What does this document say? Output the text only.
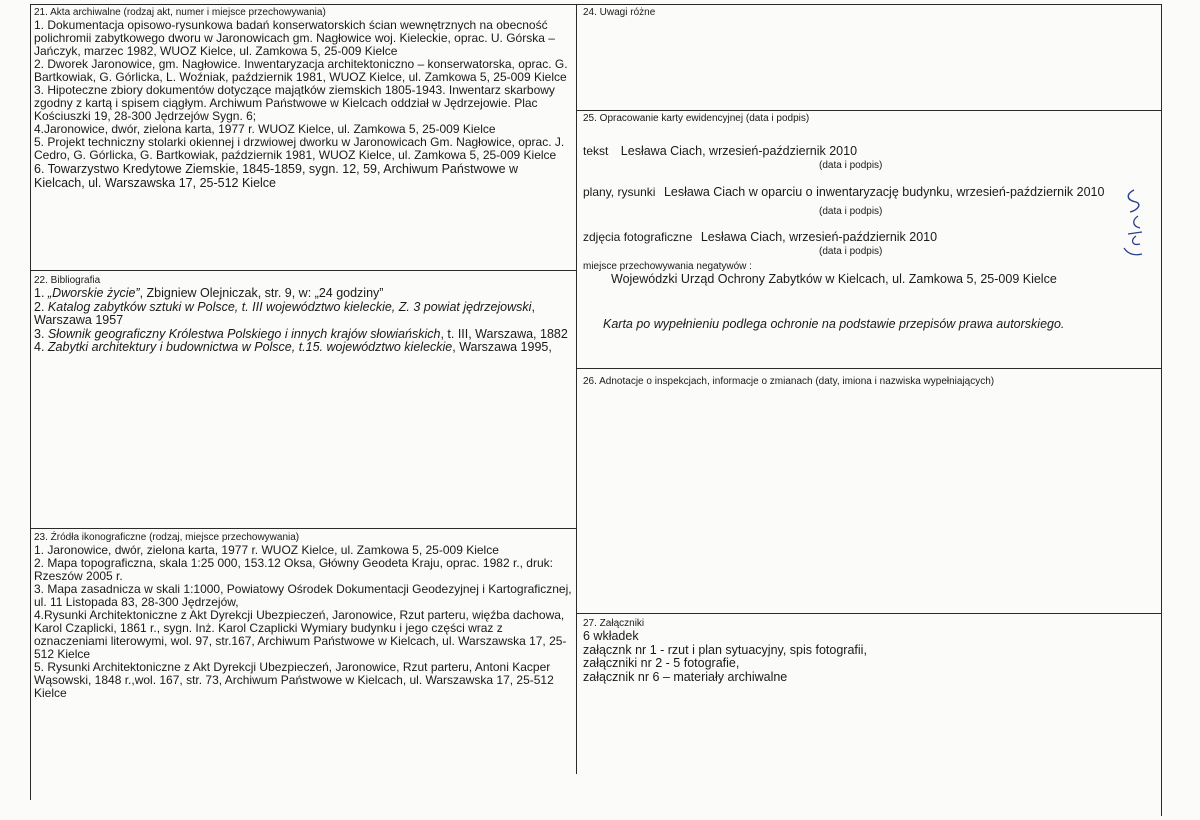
21. Akta archiwalne (rodzaj akt, numer i miejsce przechowywania)

1. Dokumentacja opisowo-rysunkowa badań konserwatorskich ścian wewnętrznych na obecność polichromii zabytkowego dworu w Jaronowicach gm. Nagłowice woj. Kieleckie, oprac. U. Górska – Jańczyk, marzec 1982, WUOZ Kielce, ul. Zamkowa 5, 25-009 Kielce

2. Dworek Jaronowice, gm. Nagłowice. Inwentaryzacja architektoniczno – konserwatorska, oprac. G. Bartkowiak, G. Górlicka, L. Woźniak, październik 1981, WUOZ Kielce, ul. Zamkowa 5, 25-009 Kielce

3. Hipoteczne zbiory dokumentów dotyczące majątków ziemskich 1805-1943. Inwentarz skarbowy zgodny z kartą i spisem ciągłym. Archiwum Państwowe w Kielcach oddział w Jędrzejowie. Plac Kościuszki 19, 28-300 Jędrzejów Sygn. 6;

4.Jaronowice, dwór, zielona karta, 1977 r. WUOZ Kielce, ul. Zamkowa 5, 25-009 Kielce

5. Projekt techniczny stolarki okiennej i drzwiowej dworku w Jaronowicach Gm. Nagłowice, oprac. J. Cedro, G. Górlicka, G. Bartkowiak, październik 1981, WUOZ Kielce, ul. Zamkowa 5, 25-009 Kielce

6. Towarzystwo Kredytowe Ziemskie, 1845-1859, sygn. 12, 59, Archiwum Państwowe w Kielcach, ul. Warszawska 17, 25-512 Kielce

22. Bibliografia

1. „Dworskie życie”, Zbigniew Olejniczak, str. 9, w: „24 godziny”

2. Katalog zabytków sztuki w Polsce, t. III województwo kieleckie, Z. 3 powiat jędrzejowski, Warszawa 1957

3. Słownik geograficzny Królestwa Polskiego i innych krajów słowiańskich, t. III, Warszawa, 1882

4. Zabytki architektury i budownictwa w Polsce, t.15. województwo kieleckie, Warszawa 1995,

23. Źródła ikonograficzne (rodzaj, miejsce przechowywania)

1. Jaronowice, dwór, zielona karta, 1977 r. WUOZ Kielce, ul. Zamkowa 5, 25-009 Kielce

2. Mapa topograficzna, skala 1:25 000, 153.12 Oksa, Główny Geodeta Kraju, oprac. 1982 r., druk: Rzeszów 2005 r.

3. Mapa zasadnicza w skali 1:1000, Powiatowy Ośrodek Dokumentacji Geodezyjnej i Kartograficznej, ul. 11 Listopada 83, 28-300 Jędrzejów,

4.Rysunki Architektoniczne z Akt Dyrekcji Ubezpieczeń, Jaronowice, Rzut parteru, więźba dachowa, Karol Czaplicki, 1861 r., sygn. Inż. Karol Czaplicki Wymiary budynku i jego części wraz z oznaczeniami literowymi, wol. 97, str.167, Archiwum Państwowe w Kielcach, ul. Warszawska 17, 25-512 Kielce

5. Rysunki Architektoniczne z Akt Dyrekcji Ubezpieczeń, Jaronowice, Rzut parteru, Antoni Kacper Wąsowski, 1848 r.,wol. 167, str. 73, Archiwum Państwowe w Kielcach, ul. Warszawska 17, 25-512 Kielce

24. Uwagi różne
25. Opracowanie karty ewidencyjnej (data i podpis)
tekst Lesława Ciach, wrzesień-październik 2010
(data i podpis)
plany, rysunki Lesława Ciach w oparciu o inwentaryzację budynku, wrzesień-październik 2010
(data i podpis)
zdjęcia fotograficzne Lesława Ciach, wrzesień-październik 2010
(data i podpis)
miejsce przechowywania negatywów :
Wojewódzki Urząd Ochrony Zabytków w Kielcach, ul. Zamkowa 5, 25-009 Kielce
Karta po wypełnieniu podlega ochronie na podstawie przepisów prawa autorskiego.
26. Adnotacje o inspekcjach, informacje o zmianach (daty, imiona i nazwiska wypełniających)
27. Załączniki

6 wkładek

załącznk nr 1 - rzut i plan sytuacyjny, spis fotografii,

załączniki nr 2 - 5 fotografie,

załącznik nr 6 – materiały archiwalne
